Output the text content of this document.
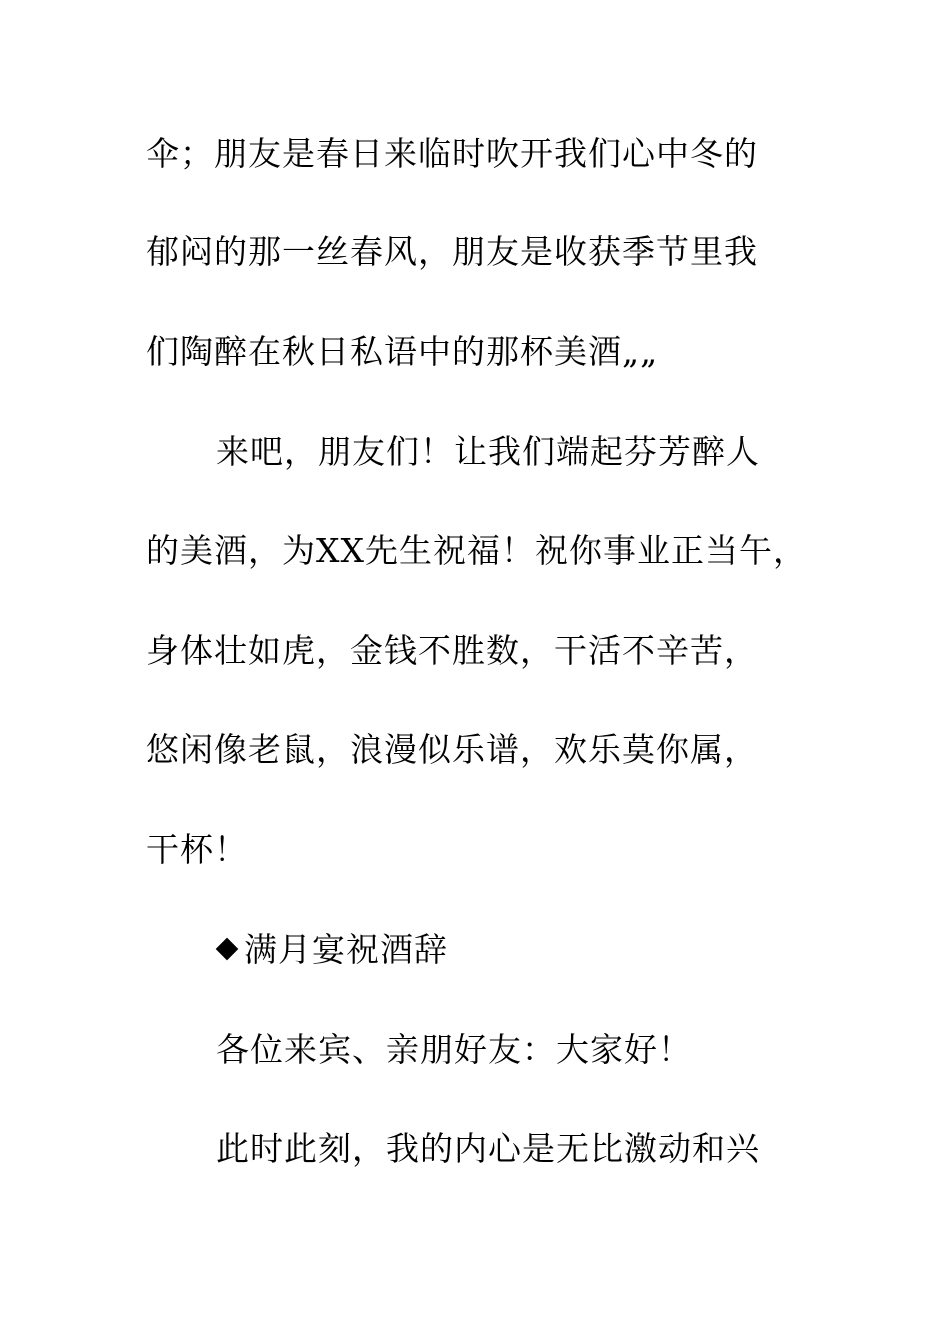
伞；朋友是春日来临时吹开我们心中冬的
郁闷的那一丝春风，朋友是收获季节里我
们陶醉在秋日私语中的那杯美酒„„
来吧，朋友们！让我们端起芬芳醉人
的美酒，为XX先生祝福！祝你事业正当午，
身体壮如虎，金钱不胜数，干活不辛苦，
悠闲像老鼠，浪漫似乐谱，欢乐莫你属，
干杯！
满月宴祝酒辞
各位来宾、亲朋好友：大家好！
此时此刻，我的内心是无比激动和兴
